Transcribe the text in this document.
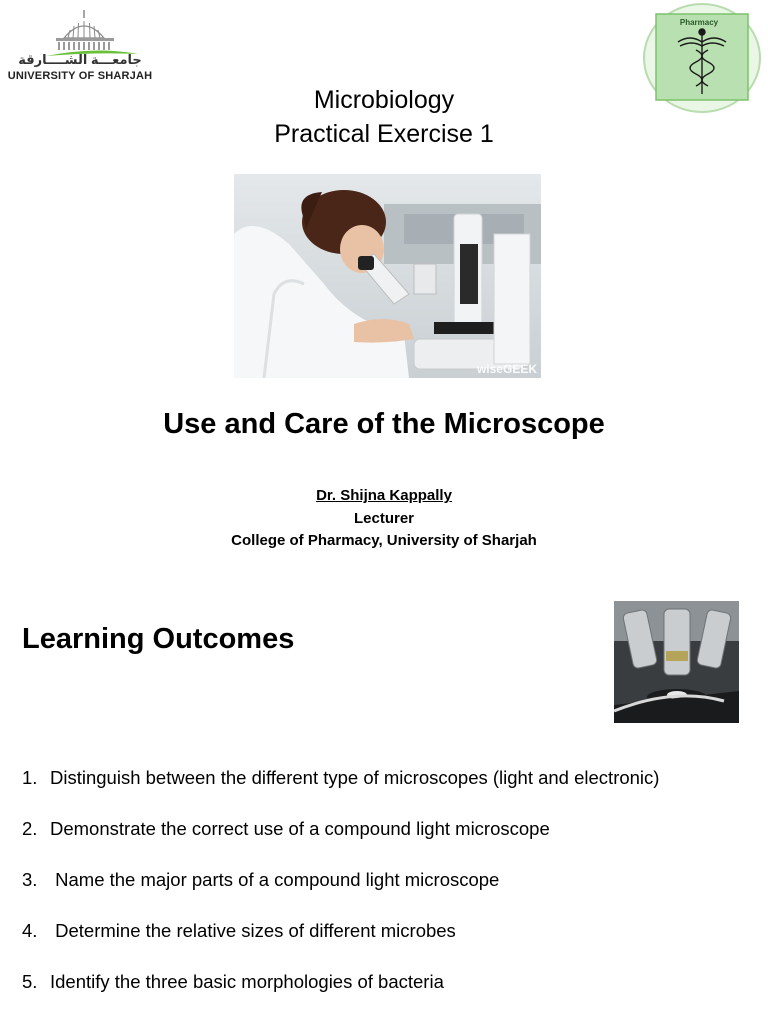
جامعـــة الشــــارقة
UNIVERSITY OF SHARJAH
Pharmacy
Microbiology
Practical Exercise 1
wiseGEEK
Use and Care of the Microscope
Dr. Shijna Kappally
Lecturer
College of Pharmacy, University of Sharjah
Learning Outcomes
1. Distinguish between the different type of microscopes (light and electronic)
2. Demonstrate the correct use of a compound light microscope
3. Name the major parts of a compound light microscope
4. Determine the relative sizes of different microbes
5. Identify the three basic morphologies of bacteria
